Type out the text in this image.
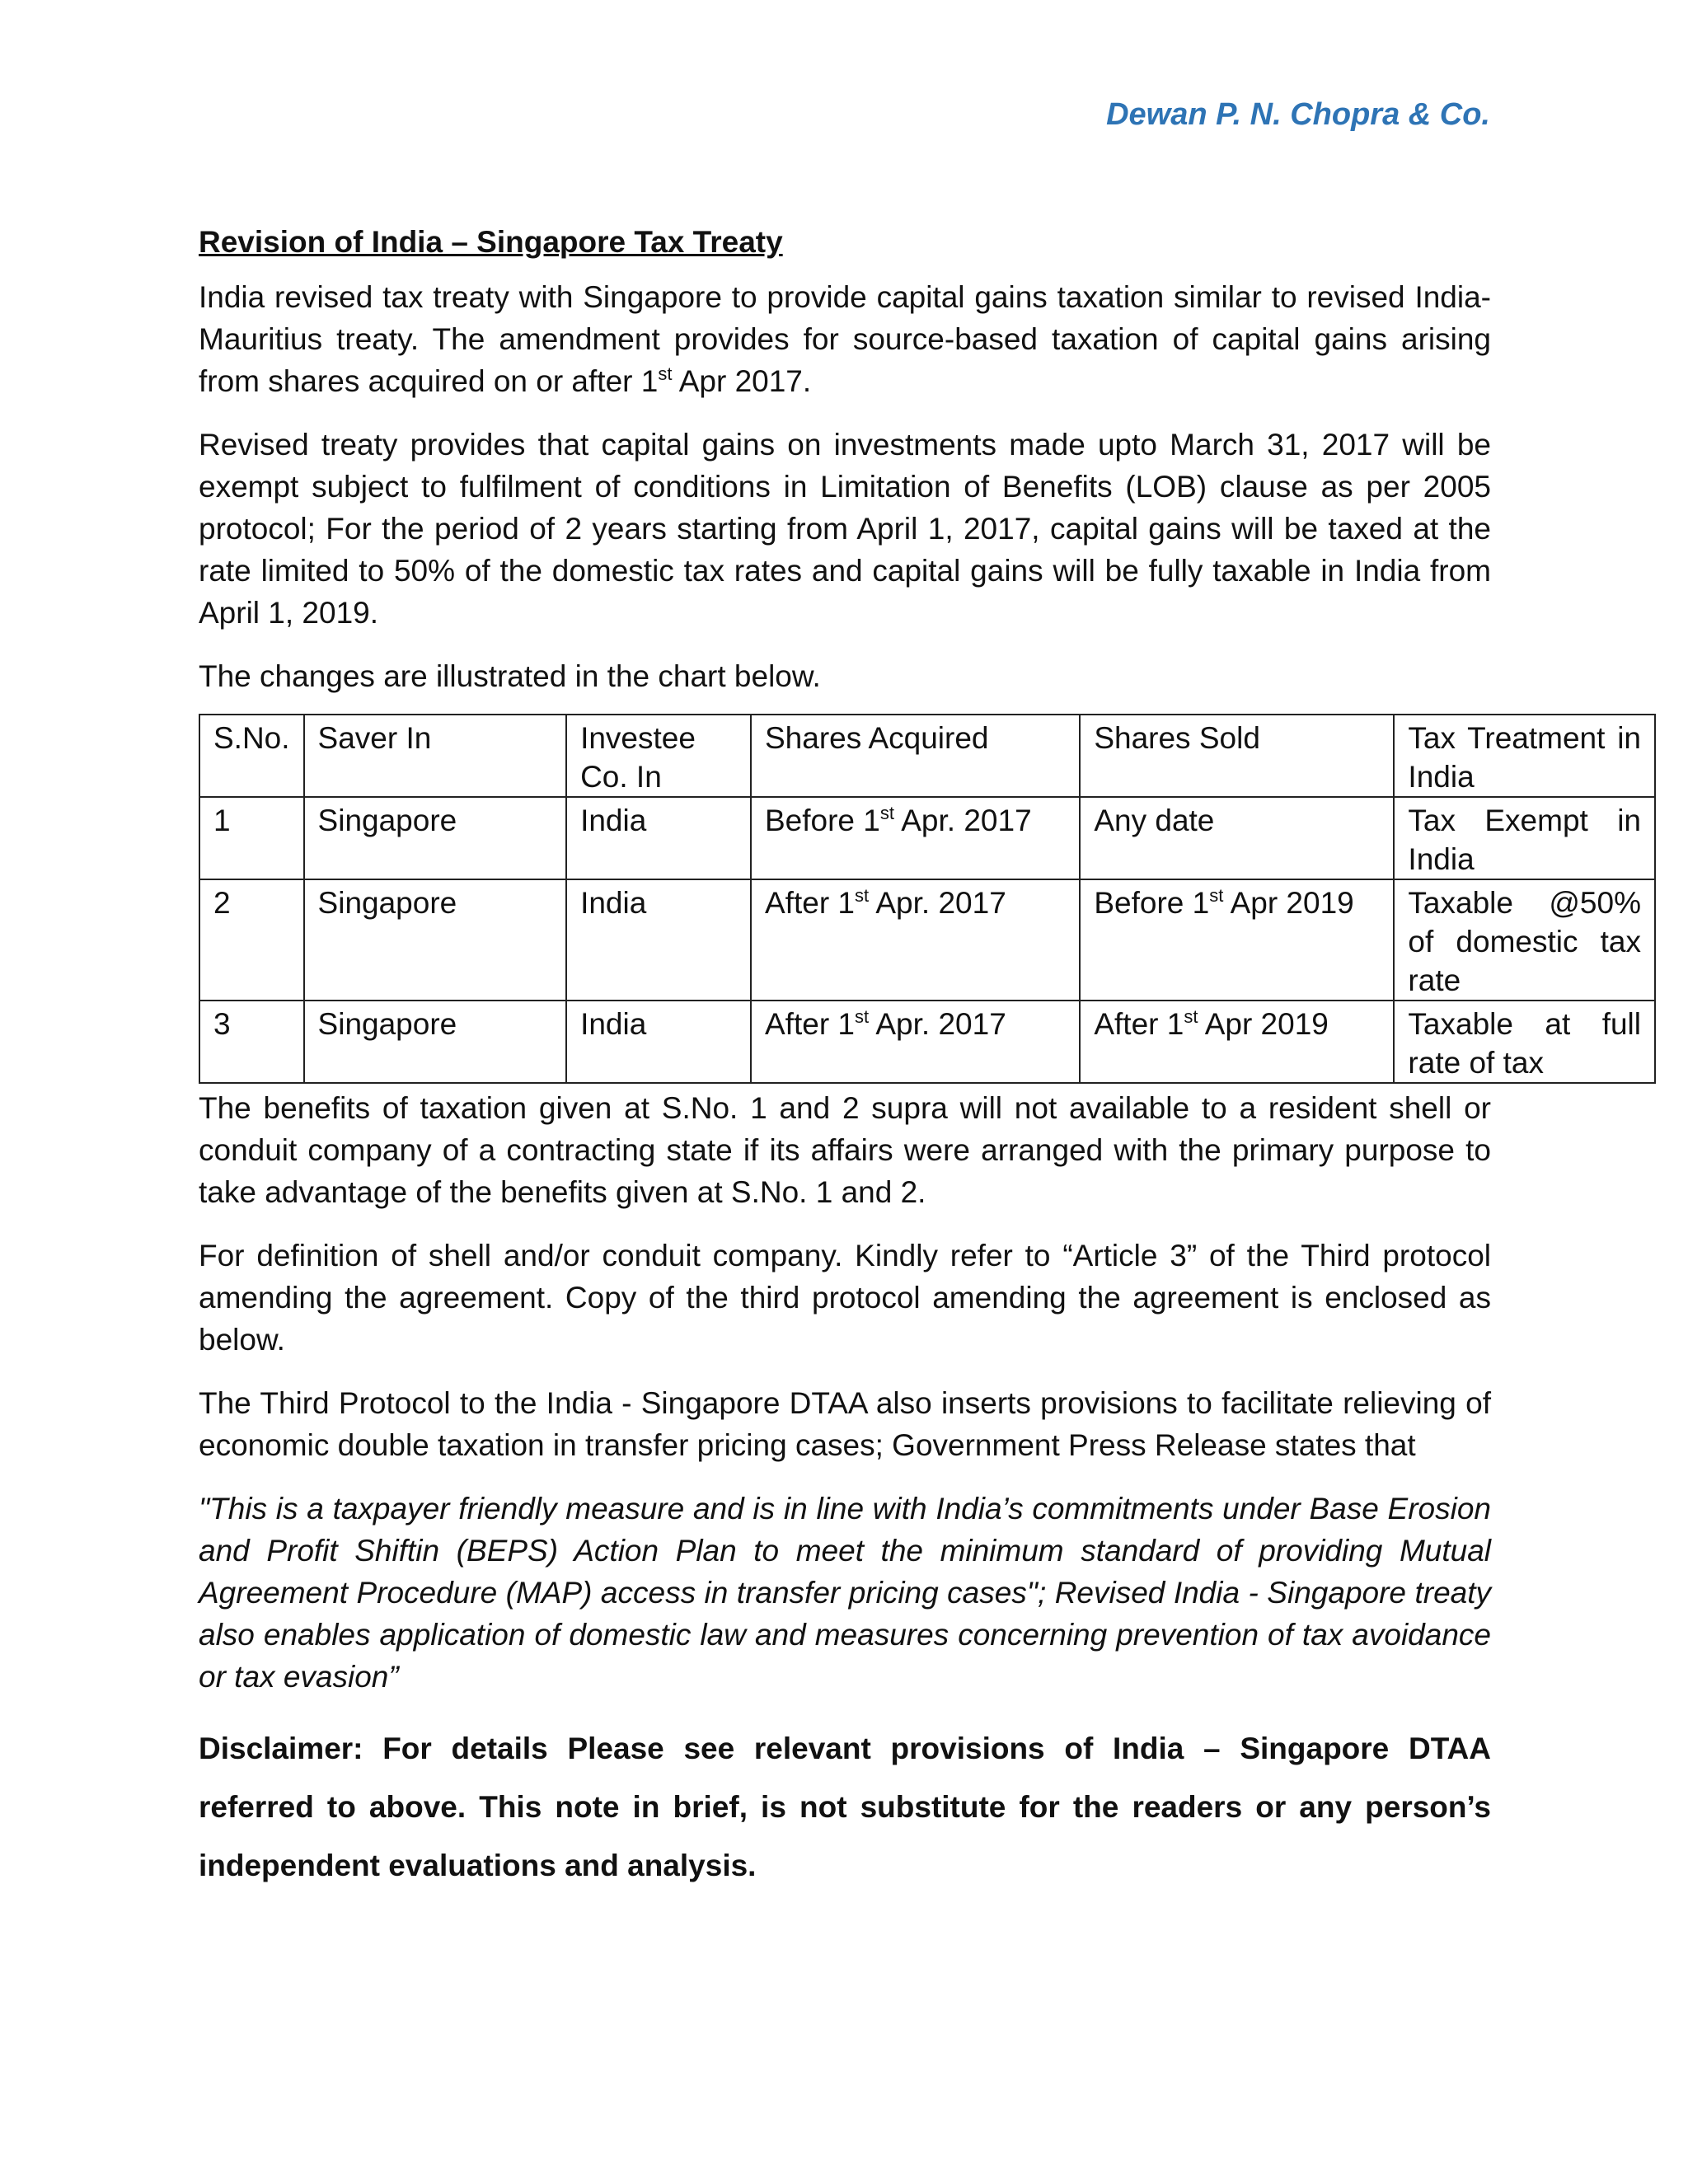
Dewan P. N. Chopra & Co.
Revision of India – Singapore Tax Treaty

India revised tax treaty with Singapore to provide capital gains taxation similar to revised India-Mauritius treaty. The amendment provides for source-based taxation of capital gains arising from shares acquired on or after 1st Apr 2017.

Revised treaty provides that capital gains on investments made upto March 31, 2017 will be exempt subject to fulfilment of conditions in Limitation of Benefits (LOB) clause as per 2005 protocol; For the period of 2 years starting from April 1, 2017, capital gains will be taxed at the rate limited to 50% of the domestic tax rates and capital gains will be fully taxable in India from April 1, 2019.

The changes are illustrated in the chart below.

S.No.	Saver In	Investee Co. In	Shares Acquired	Shares Sold	Tax Treatment in India
1	Singapore	India	Before 1st Apr. 2017	Any date	Tax Exempt in India
2	Singapore	India	After 1st Apr. 2017	Before 1st Apr 2019	Taxable @50% of domestic tax rate
3	Singapore	India	After 1st Apr. 2017	After 1st Apr 2019	Taxable at full rate of tax

The benefits of taxation given at S.No. 1 and 2 supra will not available to a resident shell or conduit company of a contracting state if its affairs were arranged with the primary purpose to take advantage of the benefits given at S.No. 1 and 2.

For definition of shell and/or conduit company. Kindly refer to “Article 3” of the Third protocol amending the agreement. Copy of the third protocol amending the agreement is enclosed as below.

The Third Protocol to the India - Singapore DTAA also inserts provisions to facilitate relieving of economic double taxation in transfer pricing cases; Government Press Release states that

"This is a taxpayer friendly measure and is in line with India’s commitments under Base Erosion and Profit Shiftin (BEPS) Action Plan to meet the minimum standard of providing Mutual Agreement Procedure (MAP) access in transfer pricing cases"; Revised India - Singapore treaty also enables application of domestic law and measures concerning prevention of tax avoidance or tax evasion”

Disclaimer: For details Please see relevant provisions of India – Singapore DTAA referred to above. This note in brief, is not substitute for the readers or any person’s independent evaluations and analysis.
